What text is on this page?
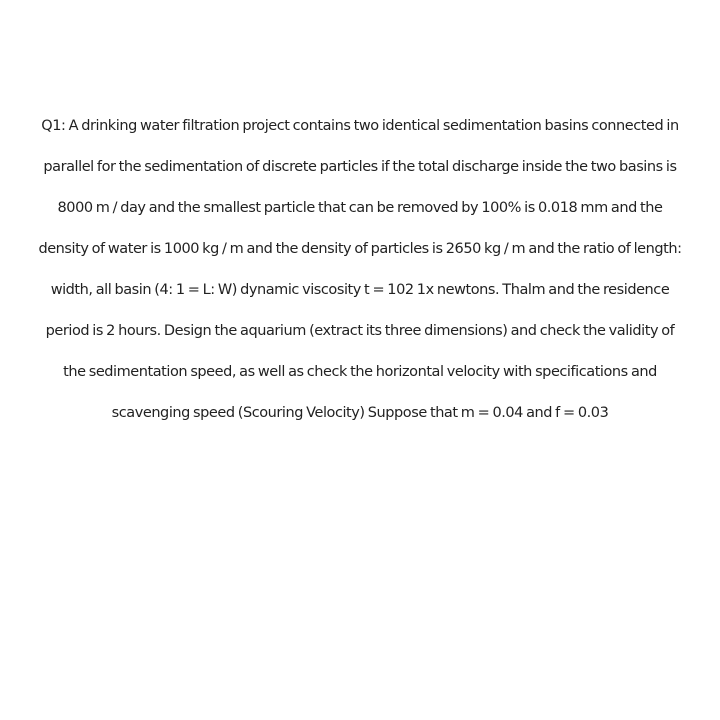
Q1: A drinking water filtration project contains two identical sedimentation basins connected in
parallel for the sedimentation of discrete particles if the total discharge inside the two basins is
8000 m / day and the smallest particle that can be removed by 100% is 0.018 mm and the
density of water is 1000 kg / m and the density of particles is 2650 kg / m and the ratio of length:
width, all basin (4: 1 = L: W) dynamic viscosity t = 102 1x newtons. Thalm and the residence
period is 2 hours. Design the aquarium (extract its three dimensions) and check the validity of
the sedimentation speed, as well as check the horizontal velocity with specifications and
scavenging speed (Scouring Velocity) Suppose that m = 0.04 and f = 0.03
